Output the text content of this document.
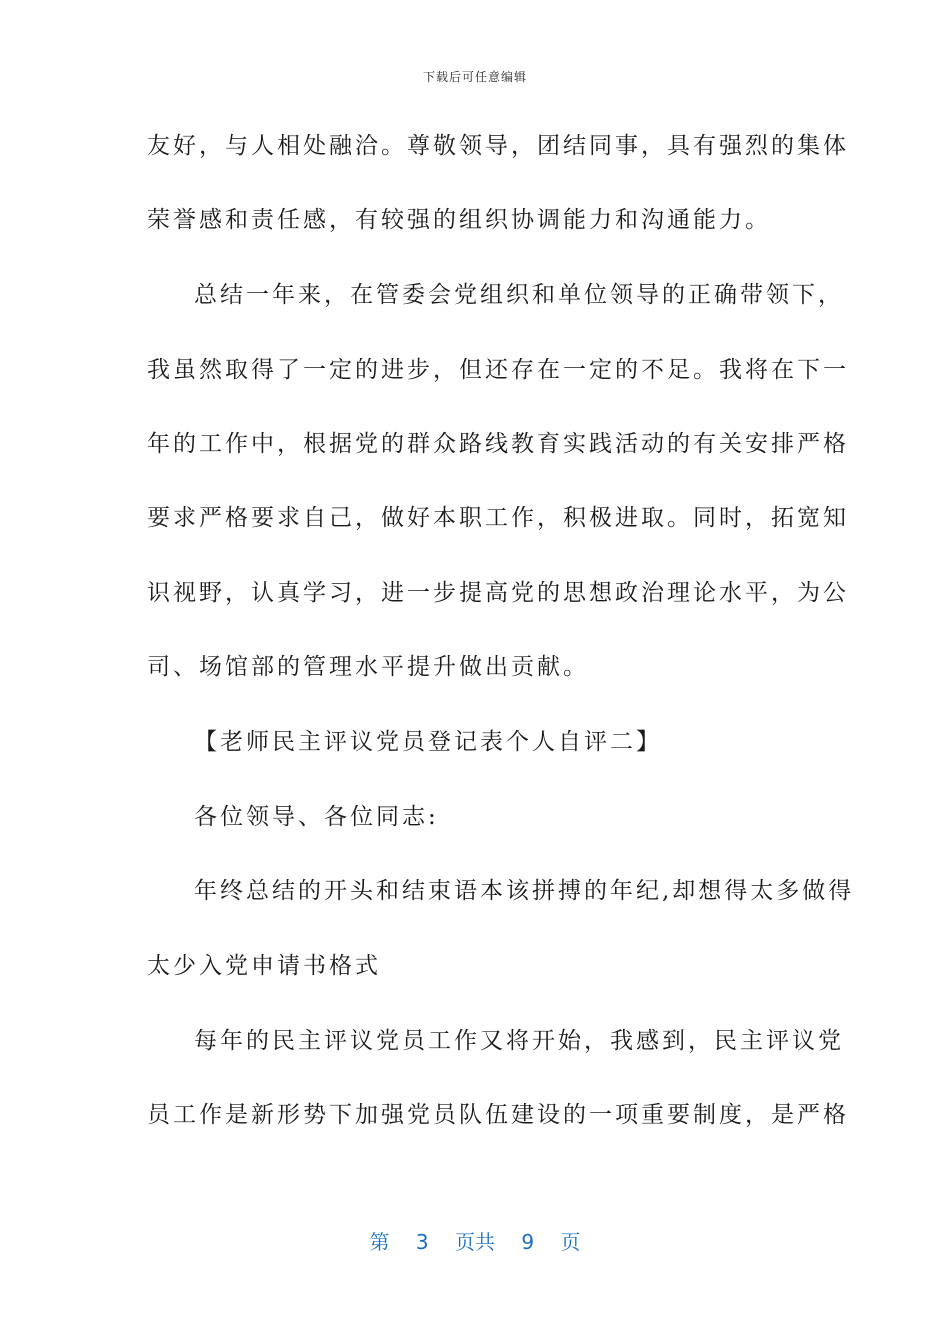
下载后可任意编辑
友好，与人相处融洽。尊敬领导，团结同事，具有强烈的集体
荣誉感和责任感，有较强的组织协调能力和沟通能力。
总结一年来，在管委会党组织和单位领导的正确带领下，
我虽然取得了一定的进步，但还存在一定的不足。我将在下一
年的工作中，根据党的群众路线教育实践活动的有关安排严格
要求严格要求自己，做好本职工作，积极进取。同时，拓宽知
识视野，认真学习，进一步提高党的思想政治理论水平，为公
司、场馆部的管理水平提升做出贡献。
【老师民主评议党员登记表个人自评二】
各位领导、各位同志:
年终总结的开头和结束语本该拼搏的年纪,却想得太多做得
太少入党申请书格式
每年的民主评议党员工作又将开始，我感到，民主评议党
员工作是新形势下加强党员队伍建设的一项重要制度，是严格
第 3 页共 9 页
